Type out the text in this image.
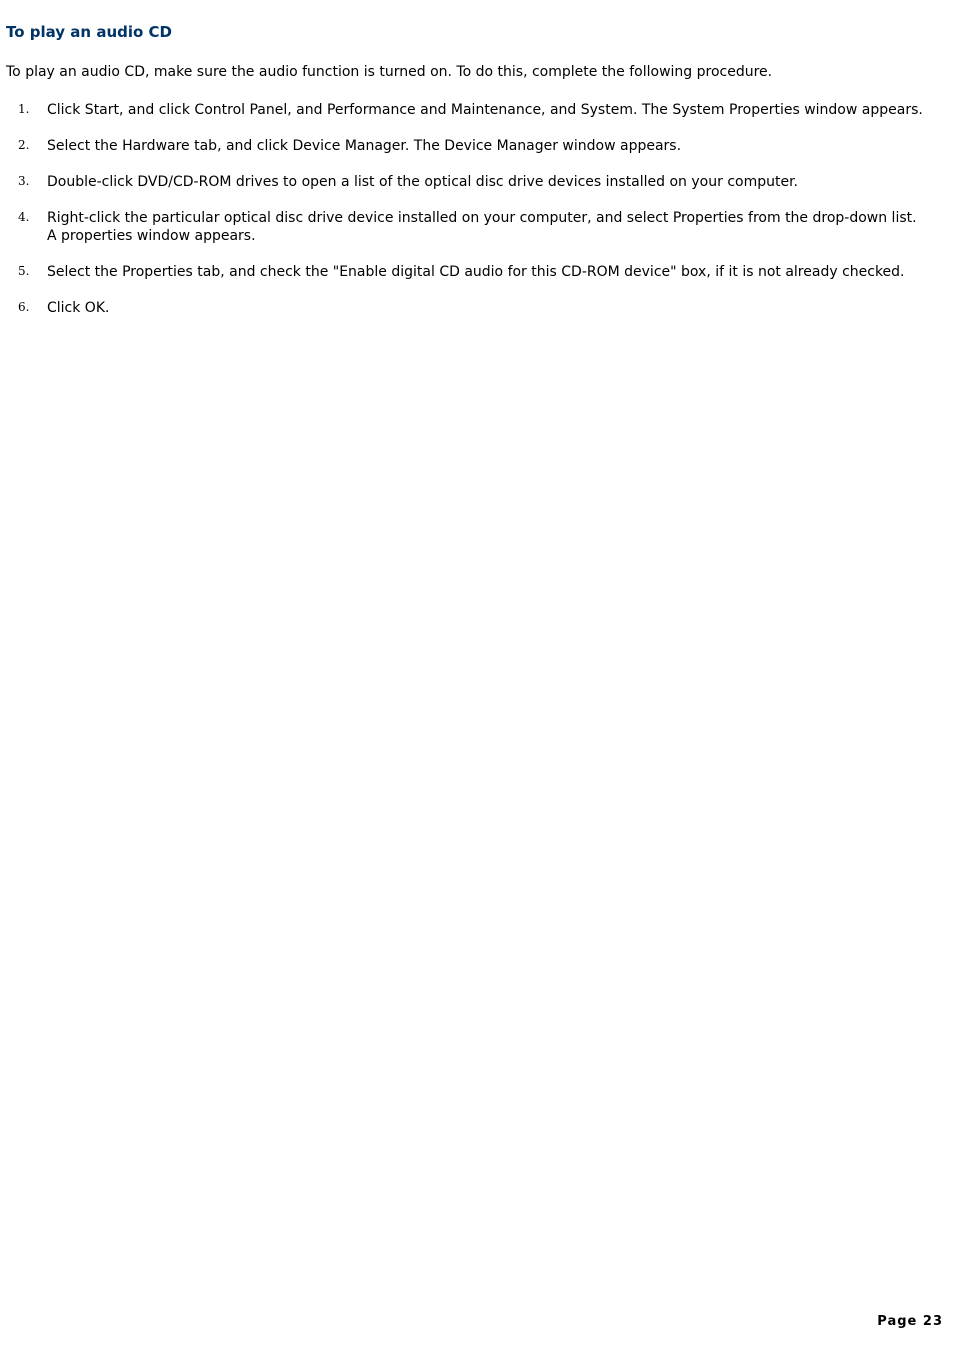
To play an audio CD

To play an audio CD, make sure the audio function is turned on. To do this, complete the following procedure.

1.	Click Start, and click Control Panel, and Performance and Maintenance, and System. The System Properties window appears.
2.	Select the Hardware tab, and click Device Manager. The Device Manager window appears.
3.	Double-click DVD/CD-ROM drives to open a list of the optical disc drive devices installed on your computer.
4.	Right-click the particular optical disc drive device installed on your computer, and select Properties from the drop-down list. A properties window appears.
5.	Select the Properties tab, and check the "Enable digital CD audio for this CD-ROM device" box, if it is not already checked.
6.	Click OK.

Page 23
